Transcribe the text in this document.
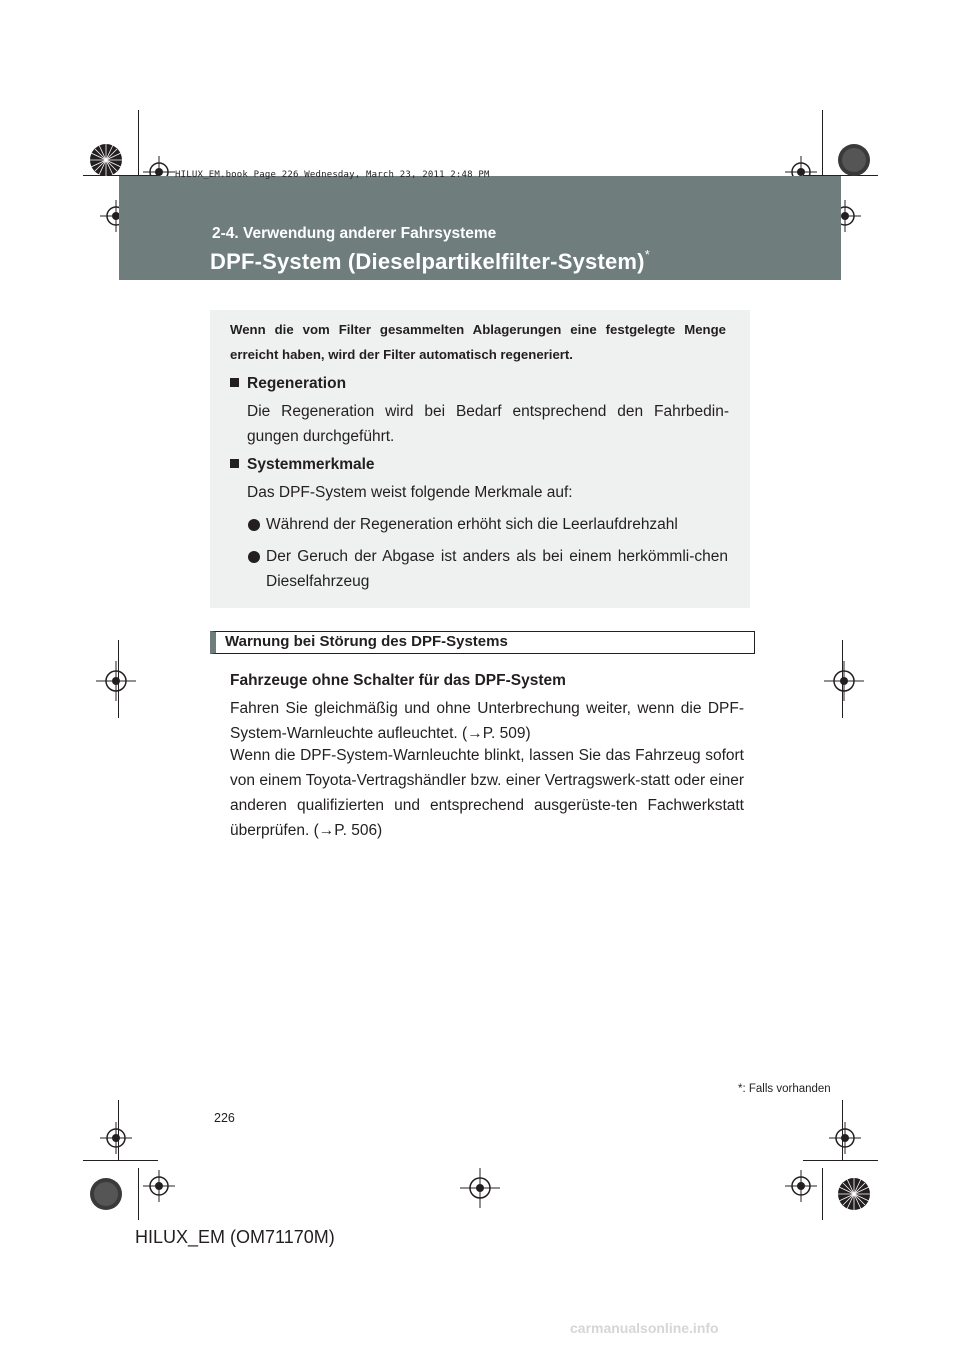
HILUX_EM.book Page 226 Wednesday, March 23, 2011 2:48 PM
2-4. Verwendung anderer Fahrsysteme
DPF-System (Dieselpartikelfilter-System)*
Wenn die vom Filter gesammelten Ablagerungen eine festgelegte Menge erreicht haben, wird der Filter automatisch regeneriert.
Regeneration
Die Regeneration wird bei Bedarf entsprechend den Fahrbedin-gungen durchgeführt.
Systemmerkmale
Das DPF-System weist folgende Merkmale auf:
Während der Regeneration erhöht sich die Leerlaufdrehzahl
Der Geruch der Abgase ist anders als bei einem herkömmli-chen Dieselfahrzeug
Warnung bei Störung des DPF-Systems
Fahrzeuge ohne Schalter für das DPF-System
Fahren Sie gleichmäßig und ohne Unterbrechung weiter, wenn die DPF-System-Warnleuchte aufleuchtet. (→P. 509)
Wenn die DPF-System-Warnleuchte blinkt, lassen Sie das Fahrzeug sofort von einem Toyota-Vertragshändler bzw. einer Vertragswerk-statt oder einer anderen qualifizierten und entsprechend ausgerüste-ten Fachwerkstatt überprüfen. (→P. 506)
*: Falls vorhanden
226
HILUX_EM (OM71170M)
carmanualsonline.info
